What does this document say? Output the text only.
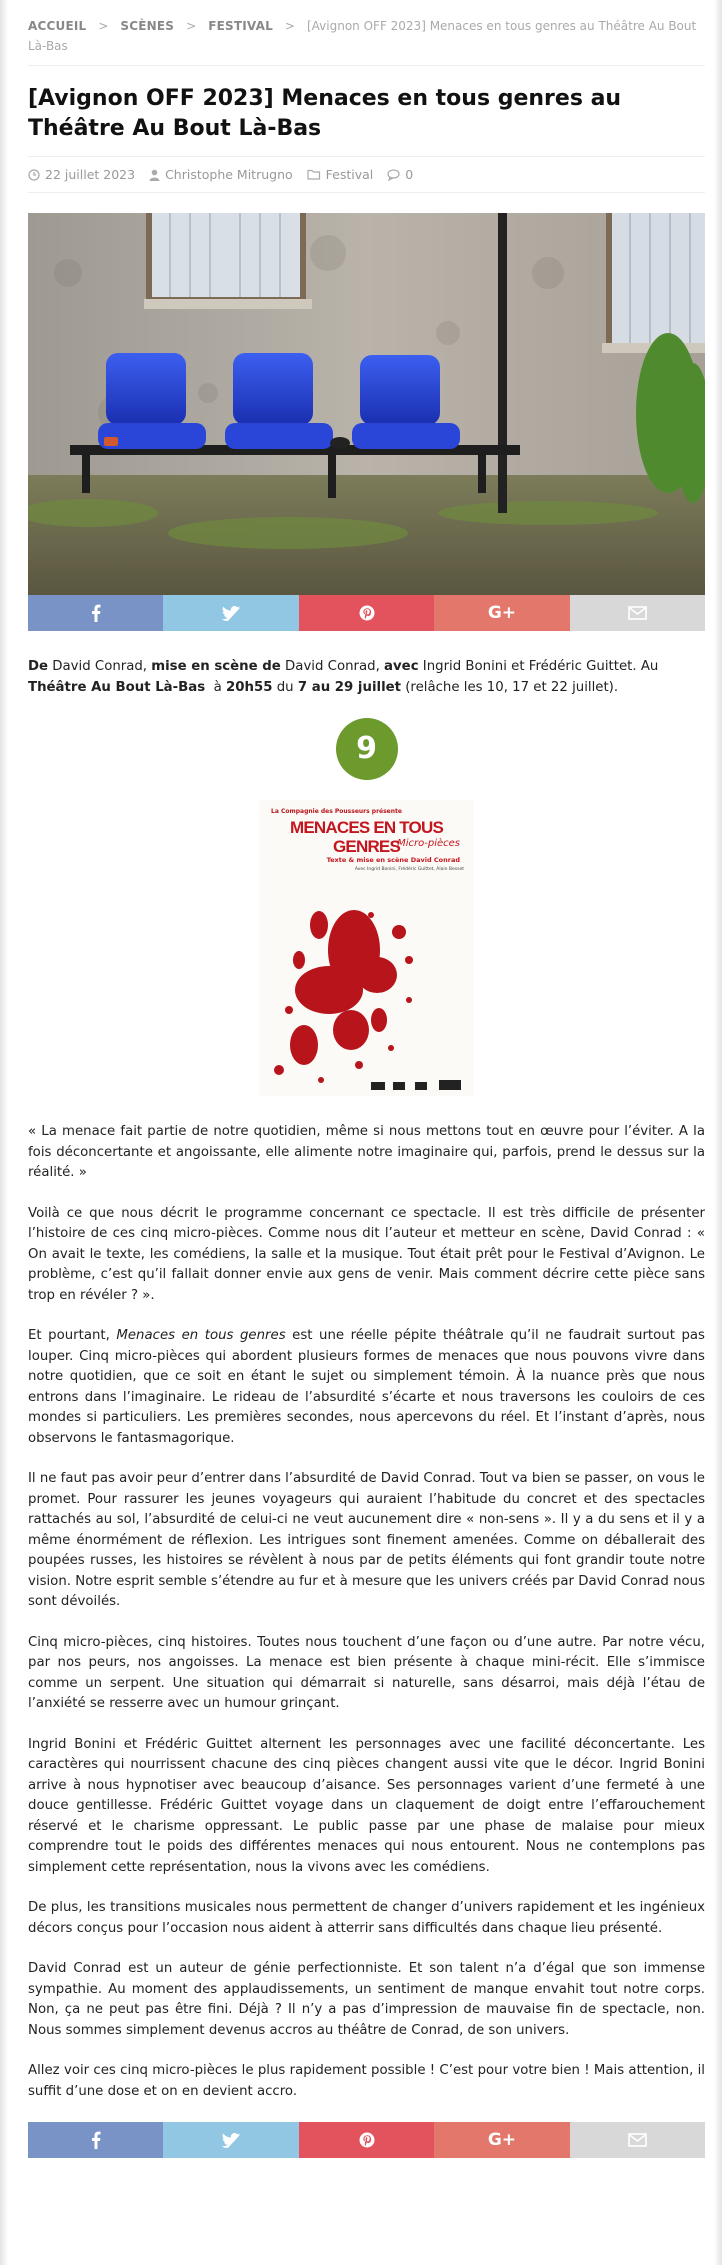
ACCUEIL > SCÈNES > FESTIVAL > [Avignon OFF 2023] Menaces en tous genres au Théâtre Au Bout Là-Bas
[Avignon OFF 2023] Menaces en tous genres au Théâtre Au Bout Là-Bas
22 juillet 2023 Christophe Mitrugno	Festival	0
G+

De David Conrad, mise en scène de David Conrad, avec Ingrid Bonini et Frédéric Guittet. Au Théâtre Au Bout Là-Bas  à 20h55 du 7 au 29 juillet (relâche les 10, 17 et 22 juillet).

9
La Compagnie des Pousseurs présente
MENACES EN TOUS GENRES
Micro-pièces
Texte & mise en scène David Conrad
Avec Ingrid Bonini, Frédéric Guittet, Alain Besset

« La menace fait partie de notre quotidien, même si nous mettons tout en œuvre pour l’éviter. A la fois déconcertante et angoissante, elle alimente notre imaginaire qui, parfois, prend le dessus sur la réalité. »

Voilà ce que nous décrit le programme concernant ce spectacle. Il est très difficile de présenter l’histoire de ces cinq micro-pièces. Comme nous dit l’auteur et metteur en scène, David Conrad : « On avait le texte, les comédiens, la salle et la musique. Tout était prêt pour le Festival d’Avignon. Le problème, c’est qu’il fallait donner envie aux gens de venir. Mais comment décrire cette pièce sans trop en révéler ? ».

Et pourtant, Menaces en tous genres est une réelle pépite théâtrale qu’il ne faudrait surtout pas louper. Cinq micro-pièces qui abordent plusieurs formes de menaces que nous pouvons vivre dans notre quotidien, que ce soit en étant le sujet ou simplement témoin. À la nuance près que nous entrons dans l’imaginaire. Le rideau de l’absurdité s’écarte et nous traversons les couloirs de ces mondes si particuliers. Les premières secondes, nous apercevons du réel. Et l’instant d’après, nous observons le fantasmagorique.

Il ne faut pas avoir peur d’entrer dans l’absurdité de David Conrad. Tout va bien se passer, on vous le promet. Pour rassurer les jeunes voyageurs qui auraient l’habitude du concret et des spectacles rattachés au sol, l’absurdité de celui-ci ne veut aucunement dire « non-sens ». Il y a du sens et il y a même énormément de réflexion. Les intrigues sont finement amenées. Comme on déballerait des poupées russes, les histoires se révèlent à nous par de petits éléments qui font grandir toute notre vision. Notre esprit semble s’étendre au fur et à mesure que les univers créés par David Conrad nous sont dévoilés.

Cinq micro-pièces, cinq histoires. Toutes nous touchent d’une façon ou d’une autre. Par notre vécu, par nos peurs, nos angoisses. La menace est bien présente à chaque mini-récit. Elle s’immisce comme un serpent. Une situation qui démarrait si naturelle, sans désarroi, mais déjà l’étau de l’anxiété se resserre avec un humour grinçant.

Ingrid Bonini et Frédéric Guittet alternent les personnages avec une facilité déconcertante. Les caractères qui nourrissent chacune des cinq pièces changent aussi vite que le décor. Ingrid Bonini arrive à nous hypnotiser avec beaucoup d’aisance. Ses personnages varient d’une fermeté à une douce gentillesse. Frédéric Guittet voyage dans un claquement de doigt entre l’effarouchement réservé et le charisme oppressant. Le public passe par une phase de malaise pour mieux comprendre tout le poids des différentes menaces qui nous entourent. Nous ne contemplons pas simplement cette représentation, nous la vivons avec les comédiens.

De plus, les transitions musicales nous permettent de changer d’univers rapidement et les ingénieux décors conçus pour l’occasion nous aident à atterrir sans difficultés dans chaque lieu présenté.

David Conrad est un auteur de génie perfectionniste. Et son talent n’a d’égal que son immense sympathie. Au moment des applaudissements, un sentiment de manque envahit tout notre corps. Non, ça ne peut pas être fini. Déjà ? Il n’y a pas d’impression de mauvaise fin de spectacle, non. Nous sommes simplement devenus accros au théâtre de Conrad, de son univers.

Allez voir ces cinq micro-pièces le plus rapidement possible ! C’est pour votre bien ! Mais attention, il suffit d’une dose et on en devient accro.

G+
